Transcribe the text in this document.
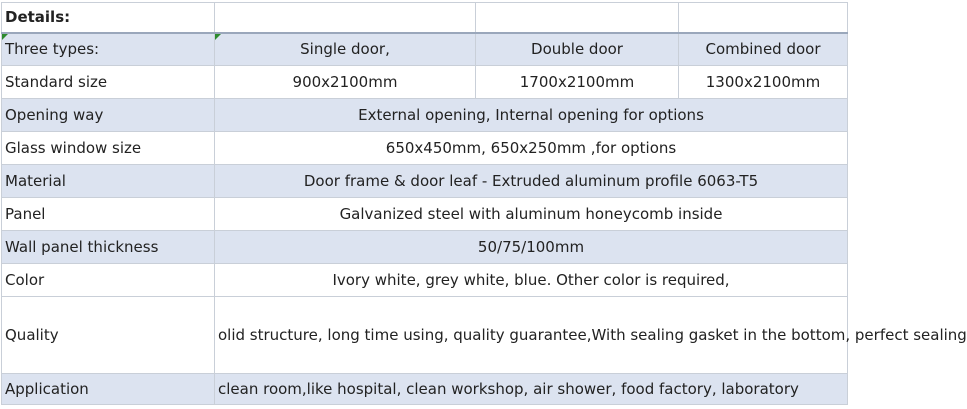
Details:			
Three types:	Single door,	Double door	Combined door
Standard size	900x2100mm	1700x2100mm	1300x2100mm
Opening way	External opening, Internal opening for options		
Glass window size	650x450mm, 650x250mm ,for options		
Material	Door frame & door leaf - Extruded aluminum profile 6063-T5		
Panel	Galvanized steel with aluminum honeycomb inside		
Wall panel thickness	50/75/100mm		
Color	Ivory white, grey white, blue. Other color is required,		
Quality	olid structure, long time using, quality guarantee,With sealing gasket in the bottom, perfect sealing		
Application	clean room,like hospital, clean workshop, air shower, food factory, laboratory		
